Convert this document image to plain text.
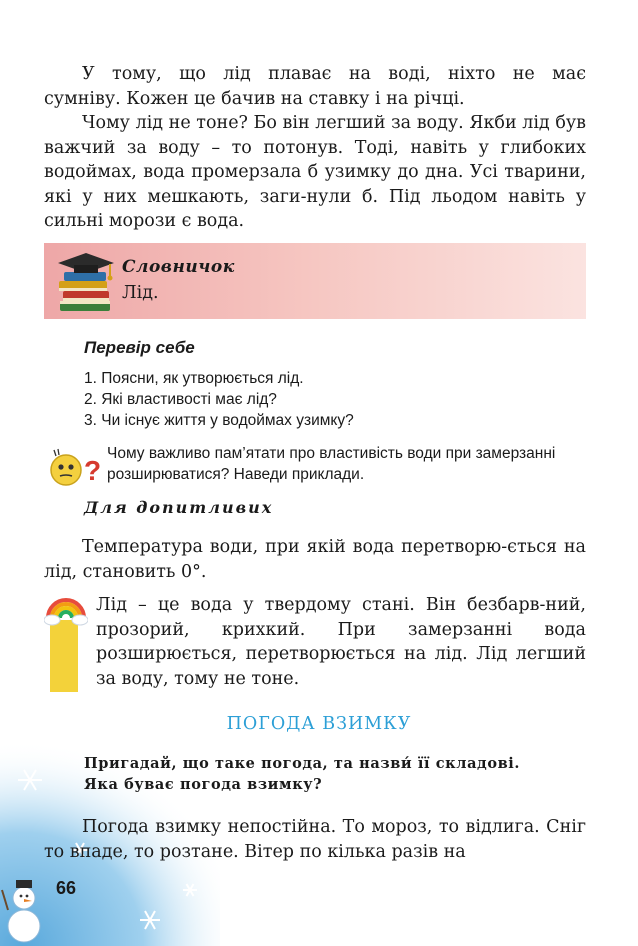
У тому, що лід плаває на воді, ніхто не має
сумніву. Кожен це бачив на ставку і на річці.
Чому лід не тоне? Бо він легший за воду. Якби лід був важчий за воду – то потонув. Тоді, навіть у глибоких водоймах, вода промерзала б узимку до дна. Усі тварини, які у них мешкають, заги-нули б. Під льодом навіть у сильні морози є вода.
Словничок
Лід.
Перевір себе
1. Поясни, як утворюється лід.
2. Які властивості має лід?
3. Чи існує життя у водоймах узимку?
?
Чому важливо пам’ятати про властивість води при замерзанні розширюватися? Наведи приклади.
Для допитливих
Температура води, при якій вода перетворю-ється на лід, становить 0°.
Лід – це вода у твердому стані. Він безбарв-ний, прозорий, крихкий. При замерзанні вода розширюється, перетворюється на лід. Лід легший за воду, тому не тоне.
ПОГОДА ВЗИМКУ
Пригадай, що таке погода, та назви́ її складові.
Яка буває погода взимку?
Погода взимку непостійна. То мороз, то відлига. Сніг то впаде, то розтане. Вітер по кілька разів на
66
